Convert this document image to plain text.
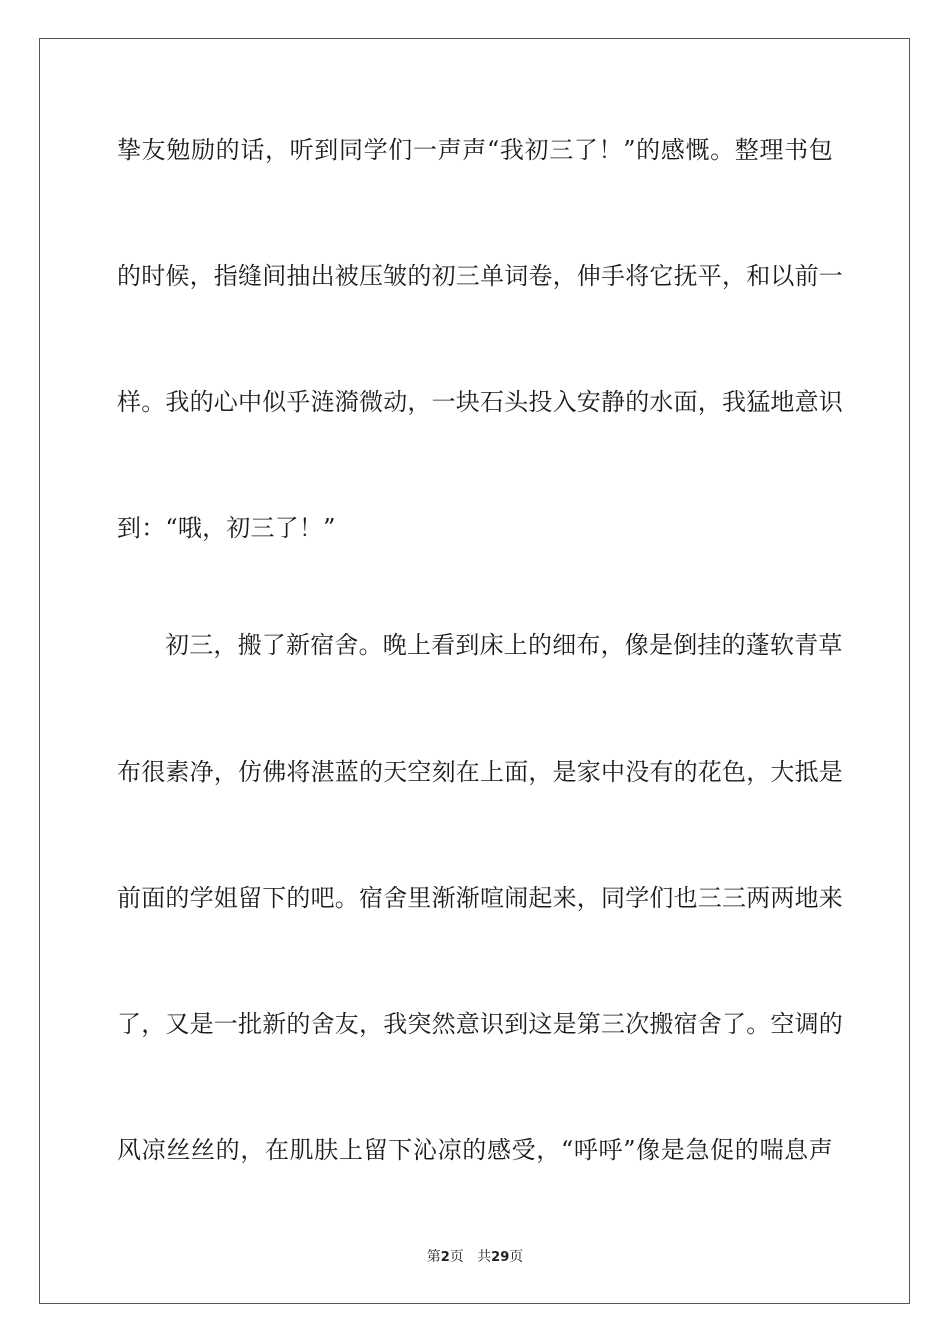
挚友勉励的话，听到同学们一声声“我初三了！”的感慨。整理书包
的时候，指缝间抽出被压皱的初三单词卷，伸手将它抚平，和以前一
样。我的心中似乎涟漪微动，一块石头投入安静的水面，我猛地意识
到：“哦，初三了！”
初三，搬了新宿舍。晚上看到床上的细布，像是倒挂的蓬软青草
布很素净，仿佛将湛蓝的天空刻在上面，是家中没有的花色，大抵是
前面的学姐留下的吧。宿舍里渐渐喧闹起来，同学们也三三两两地来
了，又是一批新的舍友，我突然意识到这是第三次搬宿舍了。空调的
风凉丝丝的，在肌肤上留下沁凉的感受，“呼呼”像是急促的喘息声
第2页 共29页
